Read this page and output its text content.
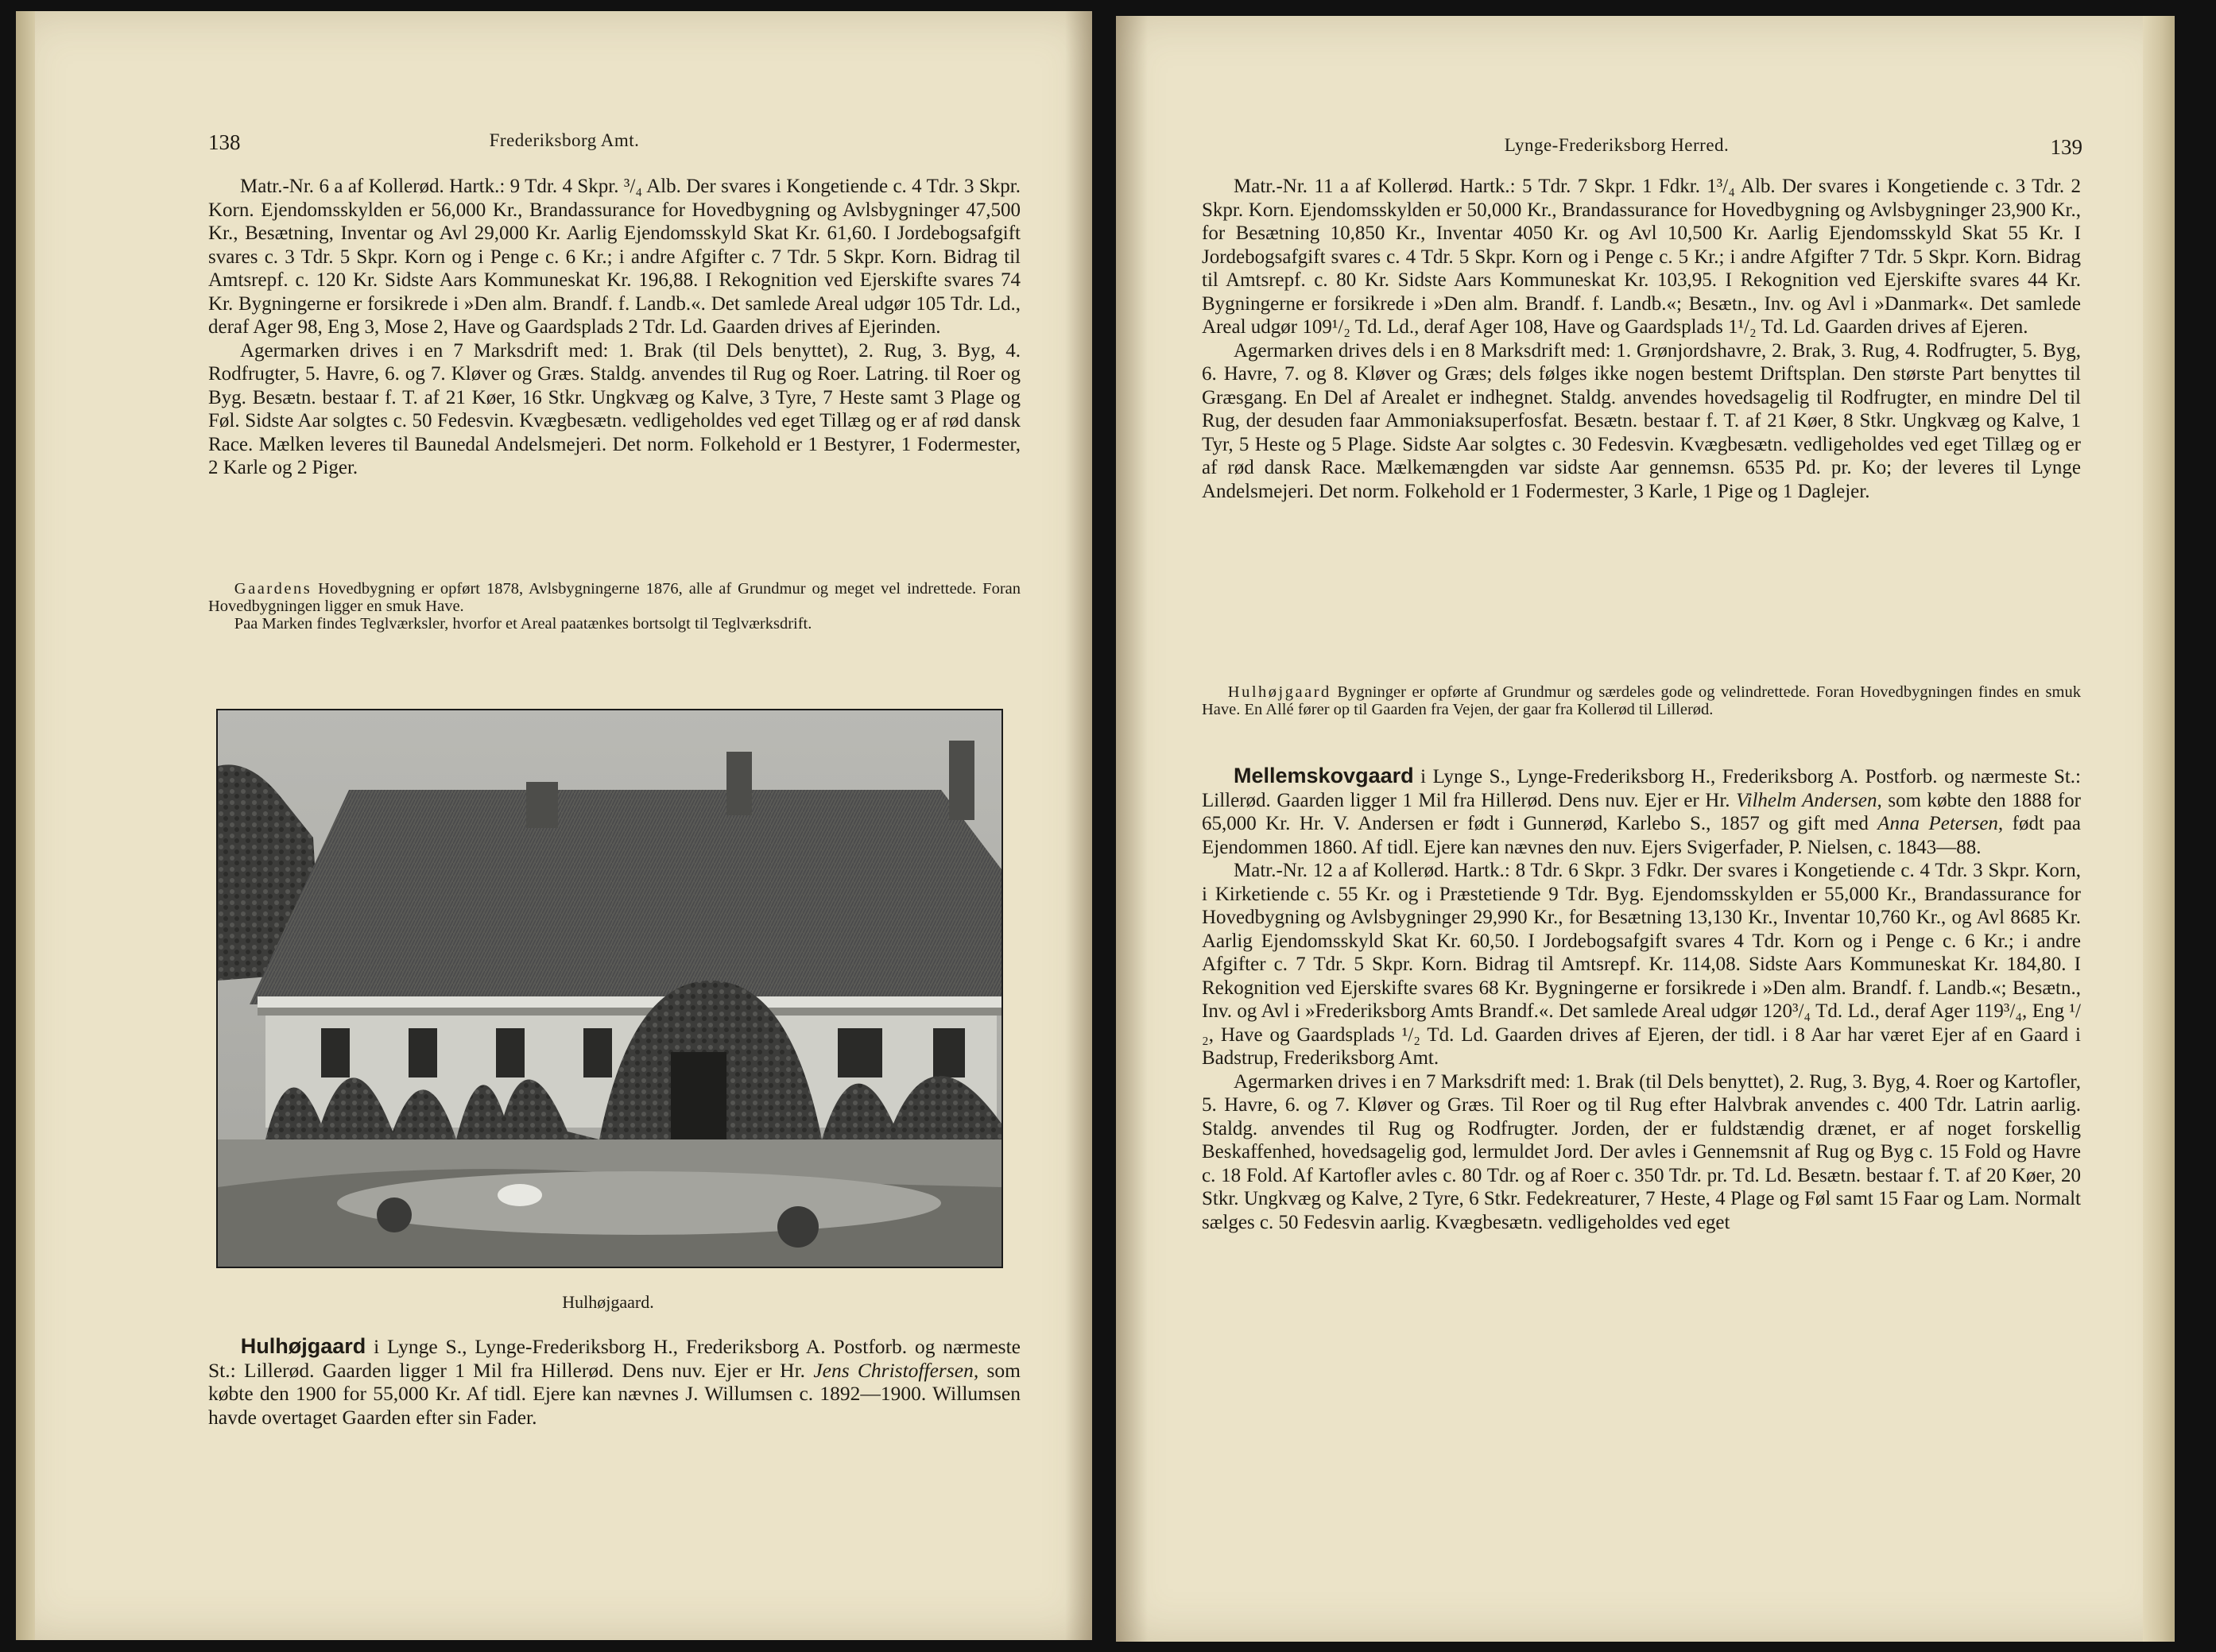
138	Frederiksborg Amt.

Matr.-Nr. 6 a af Kollerød. Hartk.: 9 Tdr. 4 Skpr. ³/₄ Alb. Der svares i Kongetiende c. 4 Tdr. 3 Skpr. Korn. Ejendomsskylden er 56,000 Kr., Brandassurance for Hovedbygning og Avlsbygninger 47,500 Kr., Besætning, Inventar og Avl 29,000 Kr. Aarlig Ejendomsskyld Skat Kr. 61,60. I Jordebogsafgift svares c. 3 Tdr. 5 Skpr. Korn og i Penge c. 6 Kr.; i andre Afgifter c. 7 Tdr. 5 Skpr. Korn. Bidrag til Amtsrepf. c. 120 Kr. Sidste Aars Kommuneskat Kr. 196,88. I Rekognition ved Ejerskifte svares 74 Kr. Bygningerne er forsikrede i »Den alm. Brandf. f. Landb.«. Det samlede Areal udgør 105 Tdr. Ld., deraf Ager 98, Eng 3, Mose 2, Have og Gaardsplads 2 Tdr. Ld. Gaarden drives af Ejerinden.

Agermarken drives i en 7 Marksdrift med: 1. Brak (til Dels benyttet), 2. Rug, 3. Byg, 4. Rodfrugter, 5. Havre, 6. og 7. Kløver og Græs. Staldg. anvendes til Rug og Roer. Latring. til Roer og Byg. Besætn. bestaar f. T. af 21 Køer, 16 Stkr. Ungkvæg og Kalve, 3 Tyre, 7 Heste samt 3 Plage og Føl. Sidste Aar solgtes c. 50 Fedesvin. Kvægbesætn. vedligeholdes ved eget Tillæg og er af rød dansk Race. Mælken leveres til Baunedal Andelsmejeri. Det norm. Folkehold er 1 Bestyrer, 1 Fodermester, 2 Karle og 2 Piger.

Gaardens Hovedbygning er opført 1878, Avlsbygningerne 1876, alle af Grundmur og meget vel indrettede. Foran Hovedbygningen ligger en smuk Have.

Paa Marken findes Teglværksler, hvorfor et Areal paatænkes bortsolgt til Teglværksdrift.

Hulhøjgaard.

Hulhøjgaard i Lynge S., Lynge-Frederiksborg H., Frederiksborg A. Postforb. og nærmeste St.: Lillerød. Gaarden ligger 1 Mil fra Hillerød. Dens nuv. Ejer er Hr. Jens Christoffersen, som købte den 1900 for 55,000 Kr. Af tidl. Ejere kan nævnes J. Willumsen c. 1892—1900. Willumsen havde overtaget Gaarden efter sin Fader.

Lynge-Frederiksborg Herred.	139

Matr.-Nr. 11 a af Kollerød. Hartk.: 5 Tdr. 7 Skpr. 1 Fdkr. 1³/₄ Alb. Der svares i Kongetiende c. 3 Tdr. 2 Skpr. Korn. Ejendomsskylden er 50,000 Kr., Brandassurance for Hovedbygning og Avlsbygninger 23,900 Kr., for Besætning 10,850 Kr., Inventar 4050 Kr. og Avl 10,500 Kr. Aarlig Ejendomsskyld Skat 55 Kr. I Jordebogsafgift svares c. 4 Tdr. 5 Skpr. Korn og i Penge c. 5 Kr.; i andre Afgifter 7 Tdr. 5 Skpr. Korn. Bidrag til Amtsrepf. c. 80 Kr. Sidste Aars Kommuneskat Kr. 103,95. I Rekognition ved Ejerskifte svares 44 Kr. Bygningerne er forsikrede i »Den alm. Brandf. f. Landb.«; Besætn., Inv. og Avl i »Danmark«. Det samlede Areal udgør 109¹/₂ Td. Ld., deraf Ager 108, Have og Gaardsplads 1¹/₂ Td. Ld. Gaarden drives af Ejeren.

Agermarken drives dels i en 8 Marksdrift med: 1. Grønjordshavre, 2. Brak, 3. Rug, 4. Rodfrugter, 5. Byg, 6. Havre, 7. og 8. Kløver og Græs; dels følges ikke nogen bestemt Driftsplan. Den største Part benyttes til Græsgang. En Del af Arealet er indhegnet. Staldg. anvendes hovedsagelig til Rodfrugter, en mindre Del til Rug, der desuden faar Ammoniaksuperfosfat. Besætn. bestaar f. T. af 21 Køer, 8 Stkr. Ungkvæg og Kalve, 1 Tyr, 5 Heste og 5 Plage. Sidste Aar solgtes c. 30 Fedesvin. Kvægbesætn. vedligeholdes ved eget Tillæg og er af rød dansk Race. Mælkemængden var sidste Aar gennemsn. 6535 Pd. pr. Ko; der leveres til Lynge Andelsmejeri. Det norm. Folkehold er 1 Fodermester, 3 Karle, 1 Pige og 1 Daglejer.

Hulhøjgaard Bygninger er opførte af Grundmur og særdeles gode og velindrettede. Foran Hovedbygningen findes en smuk Have. En Allé fører op til Gaarden fra Vejen, der gaar fra Kollerød til Lillerød.

Mellemskovgaard i Lynge S., Lynge-Frederiksborg H., Frederiksborg A. Postforb. og nærmeste St.: Lillerød. Gaarden ligger 1 Mil fra Hillerød. Dens nuv. Ejer er Hr. Vilhelm Andersen, som købte den 1888 for 65,000 Kr. Hr. V. Andersen er født i Gunnerød, Karlebo S., 1857 og gift med Anna Petersen, født paa Ejendommen 1860. Af tidl. Ejere kan nævnes den nuv. Ejers Svigerfader, P. Nielsen, c. 1843—88.

Matr.-Nr. 12 a af Kollerød. Hartk.: 8 Tdr. 6 Skpr. 3 Fdkr. Der svares i Kongetiende c. 4 Tdr. 3 Skpr. Korn, i Kirketiende c. 55 Kr. og i Præstetiende 9 Tdr. Byg. Ejendomsskylden er 55,000 Kr., Brandassurance for Hovedbygning og Avlsbygninger 29,990 Kr., for Besætning 13,130 Kr., Inventar 10,760 Kr., og Avl 8685 Kr. Aarlig Ejendomsskyld Skat Kr. 60,50. I Jordebogsafgift svares 4 Tdr. Korn og i Penge c. 6 Kr.; i andre Afgifter c. 7 Tdr. 5 Skpr. Korn. Bidrag til Amtsrepf. Kr. 114,08. Sidste Aars Kommuneskat Kr. 184,80. I Rekognition ved Ejerskifte svares 68 Kr. Bygningerne er forsikrede i »Den alm. Brandf. f. Landb.«; Besætn., Inv. og Avl i »Frederiksborg Amts Brandf.«. Det samlede Areal udgør 120³/₄ Td. Ld., deraf Ager 119³/₄, Eng ¹/₂, Have og Gaardsplads ¹/₂ Td. Ld. Gaarden drives af Ejeren, der tidl. i 8 Aar har været Ejer af en Gaard i Badstrup, Frederiksborg Amt.

Agermarken drives i en 7 Marksdrift med: 1. Brak (til Dels benyttet), 2. Rug, 3. Byg, 4. Roer og Kartofler, 5. Havre, 6. og 7. Kløver og Græs. Til Roer og til Rug efter Halvbrak anvendes c. 400 Tdr. Latrin aarlig. Staldg. anvendes til Rug og Rodfrugter. Jorden, der er fuldstændig drænet, er af noget forskellig Beskaffenhed, hovedsagelig god, lermuldet Jord. Der avles i Gennemsnit af Rug og Byg c. 15 Fold og Havre c. 18 Fold. Af Kartofler avles c. 80 Tdr. og af Roer c. 350 Tdr. pr. Td. Ld. Besætn. bestaar f. T. af 20 Køer, 20 Stkr. Ungkvæg og Kalve, 2 Tyre, 6 Stkr. Fedekreaturer, 7 Heste, 4 Plage og Føl samt 15 Faar og Lam. Normalt sælges c. 50 Fedesvin aarlig. Kvægbesætn. vedligeholdes ved eget
